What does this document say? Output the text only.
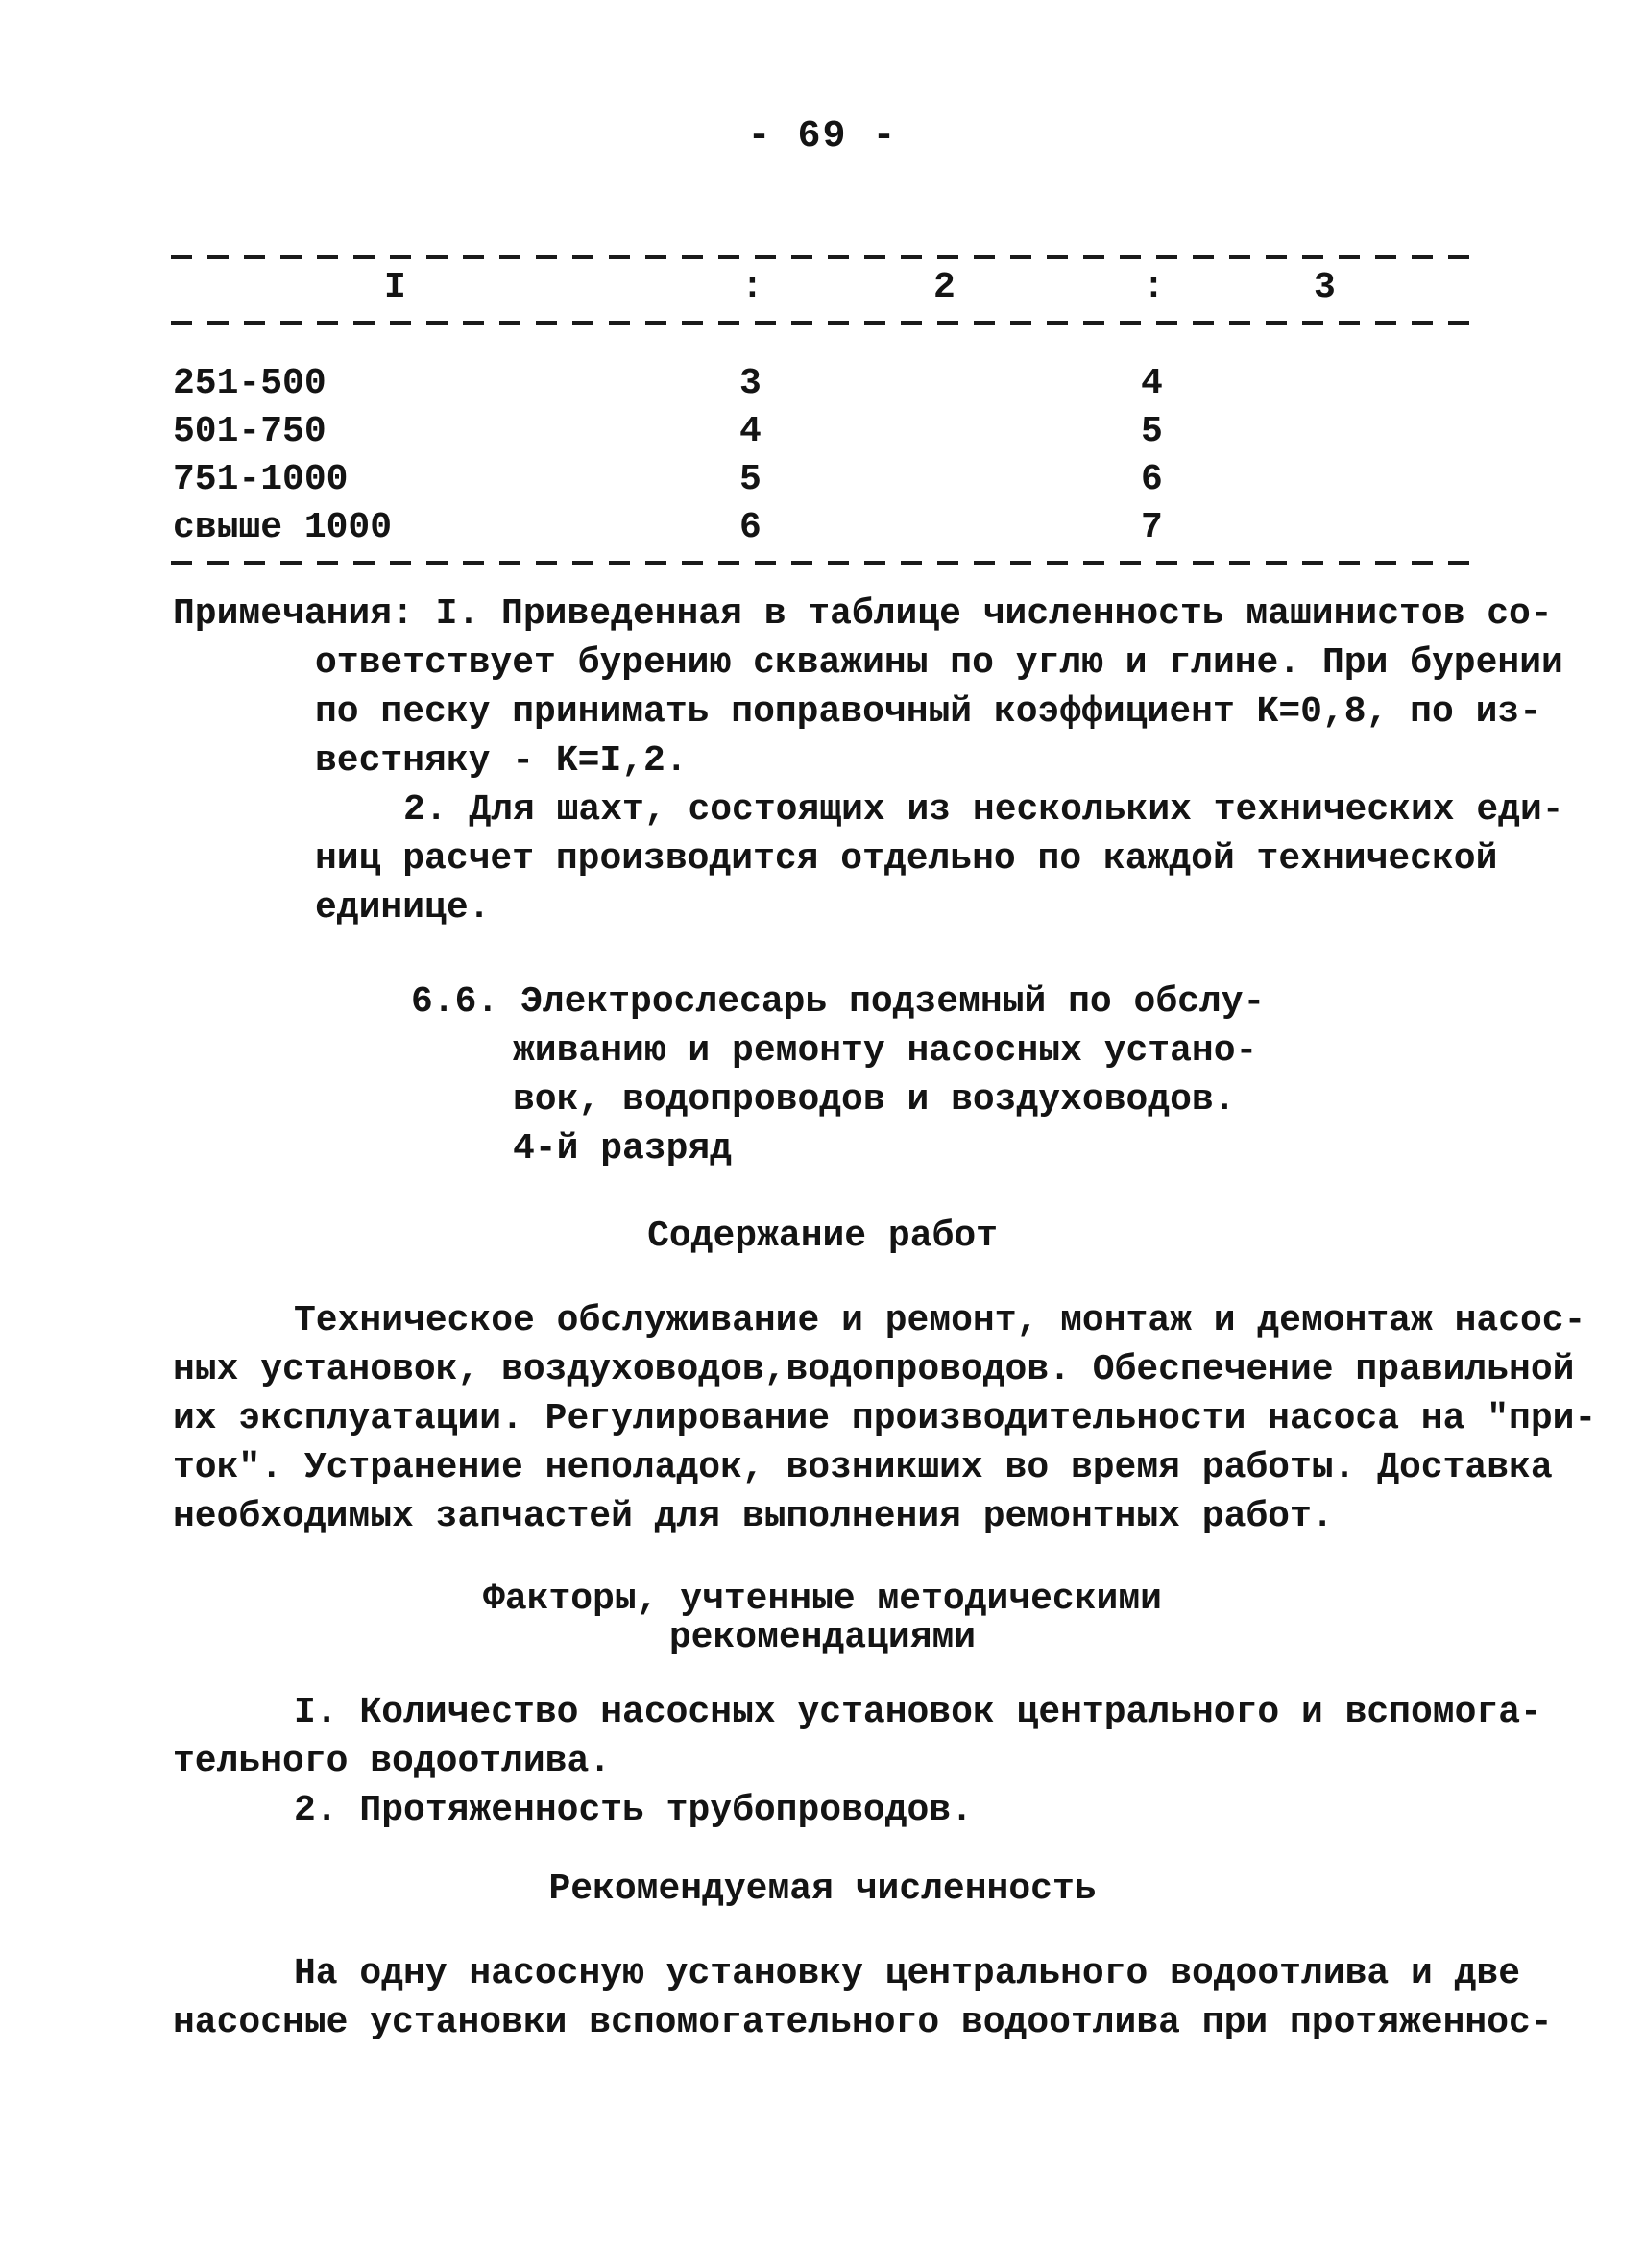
- 69 -
I	:	2	:	3
251-500	3	4
501-750	4	5
751-1000	5	6
свыше 1000	6	7
Примечания: I. Приведенная в таблице численность машинистов со-
ответствует бурению скважины по углю и глине. При бурении
по песку принимать поправочный коэффициент K=0,8, по из-
вестняку - K=I,2.
2. Для шахт, состоящих из нескольких технических еди-
ниц расчет производится отдельно по каждой технической
единице.
6.6. Электрослесарь подземный по обслу-
живанию и ремонту насосных устано-
вок, водопроводов и воздуховодов.
4-й разряд
Содержание работ
Техническое обслуживание и ремонт, монтаж и демонтаж насос-
ных установок, воздуховодов,водопроводов. Обеспечение правильной
их эксплуатации. Регулирование производительности насоса на "при-
ток". Устранение неполадок, возникших во время работы. Доставка
необходимых запчастей для выполнения ремонтных работ.
Факторы, учтенные методическими
рекомендациями
I. Количество насосных установок центрального и вспомога-
тельного водоотлива.
2. Протяженность трубопроводов.
Рекомендуемая численность
На одну насосную установку центрального водоотлива и две
насосные установки вспомогательного водоотлива при протяженнос-
